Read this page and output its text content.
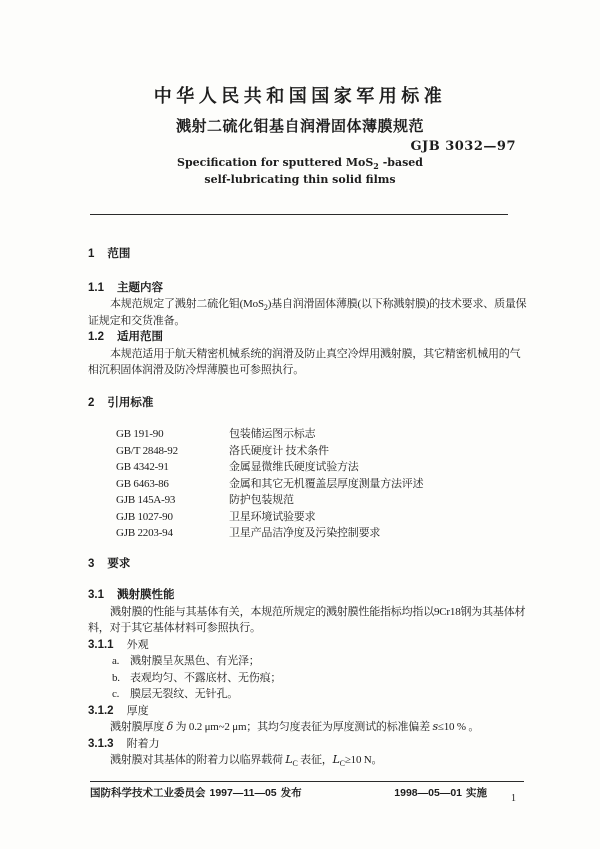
中华人民共和国国家军用标准
溅射二硫化钼基自润滑固体薄膜规范
GJB 3032—97
Specification for sputtered MoS$_2$ -based
self-lubricating thin solid films
1 范围
1.1 主题内容
本规范规定了溅射二硫化钼(MoS$_2$)基自润滑固体薄膜(以下称溅射膜)的技术要求、质量保
证规定和交货准备。
1.2 适用范围
本规范适用于航天精密机械系统的润滑及防止真空冷焊用溅射膜，其它精密机械用的气
相沉积固体润滑及防冷焊薄膜也可参照执行。
2 引用标准
GB 191-90	包装储运图示标志
GB/T 2848-92	洛氏硬度计 技术条件
GB 4342-91	金属显微维氏硬度试验方法
GB 6463-86	金属和其它无机覆盖层厚度测量方法评述
GJB 145A-93	防护包装规范
GJB 1027-90	卫星环境试验要求
GJB 2203-94	卫星产品洁净度及污染控制要求
3 要求
3.1 溅射膜性能
溅射膜的性能与其基体有关，本规范所规定的溅射膜性能指标均指以9Cr18钢为其基体材
料，对于其它基体材料可参照执行。
3.1.1 外观
a. 溅射膜呈灰黑色、有光泽；
b. 表观均匀、不露底材、无伤痕；
c. 膜层无裂纹、无针孔。
3.1.2 厚度
溅射膜厚度 δ 为 0.2 μm~2 μm；其均匀度表征为厚度测试的标准偏差 s≤10 % 。
3.1.3 附着力
溅射膜对其基体的附着力以临界载荷 $L_C$ 表征，$L_C\ge 10$ N。
国防科学技术工业委员会 1997—11—05 发布	1998—05—01 实施	1
